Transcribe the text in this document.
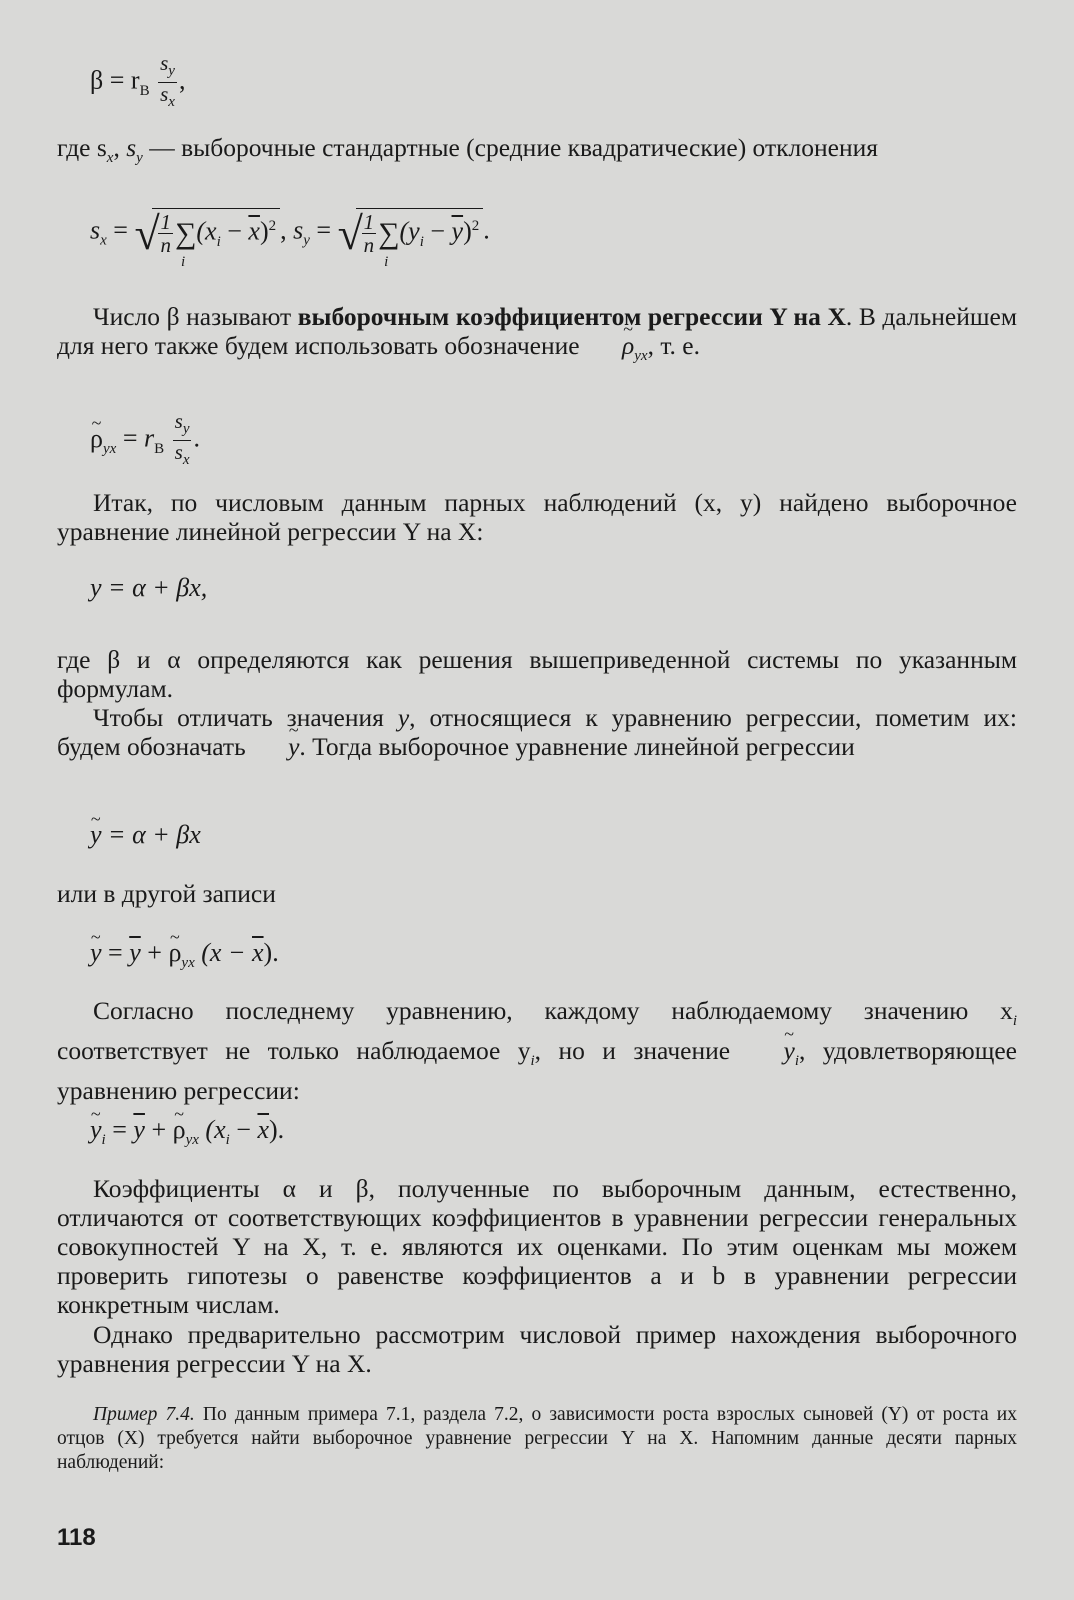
$\beta = r_В \frac{s_y}{s_x}$ ,

где $s_x$, $s_y$ — выборочные стандартные (средние квадратические) отклонения

$s_x$ = √
$\frac{1}{n}$ ∑
i
$(x_i - \overline{x})^2$ , $s_y$ = √
$\frac{1}{n}$ ∑
i
$(y_i - \overline{y})^2$ .

Число β называют выборочным коэффициентом регрессии Y на X. В дальнейшем для него также будем использовать обозначение ~ $\rho_{yx}$, т. е.

~ $\rho_{yx} = r_В \frac{s_y}{s_x}$ .

Итак, по числовым данным парных наблюдений (x, y) найдено выборочное уравнение линейной регрессии Y на X:

y = α + βx,

где β и α определяются как решения вышеприведенной системы по указанным формулам.

Чтобы отличать значения y, относящиеся к уравнению регрессии, пометим их: будем обозначать ~ y. Тогда выборочное уравнение линейной регрессии

~ y = α + βx

или в другой записи

~ $y = \overline{y}$ + ~ $\rho_{yx}$ $(x - \overline{x})$.

Согласно последнему уравнению, каждому наблюдаемому значению $x_i$ соответствует не только наблюдаемое $y_i$, но и значение ~ $y_i$, удовлетворяющее уравнению регрессии:

~ $y_i = \overline{y}$ + ~ $\rho_{yx}$ $(x_i - \overline{x})$.

Коэффициенты α и β, полученные по выборочным данным, естественно, отличаются от соответствующих коэффициентов в уравнении регрессии генеральных совокупностей Y на X, т. е. являются их оценками. По этим оценкам мы можем проверить гипотезы о равенстве коэффициентов a и b в уравнении регрессии конкретным числам.

Однако предварительно рассмотрим числовой пример нахождения выборочного уравнения регрессии Y на X.

Пример 7.4. По данным примера 7.1, раздела 7.2, о зависимости роста взрослых сыновей (Y) от роста их отцов (X) требуется найти выборочное уравнение регрессии Y на X. Напомним данные десяти парных наблюдений:

118
